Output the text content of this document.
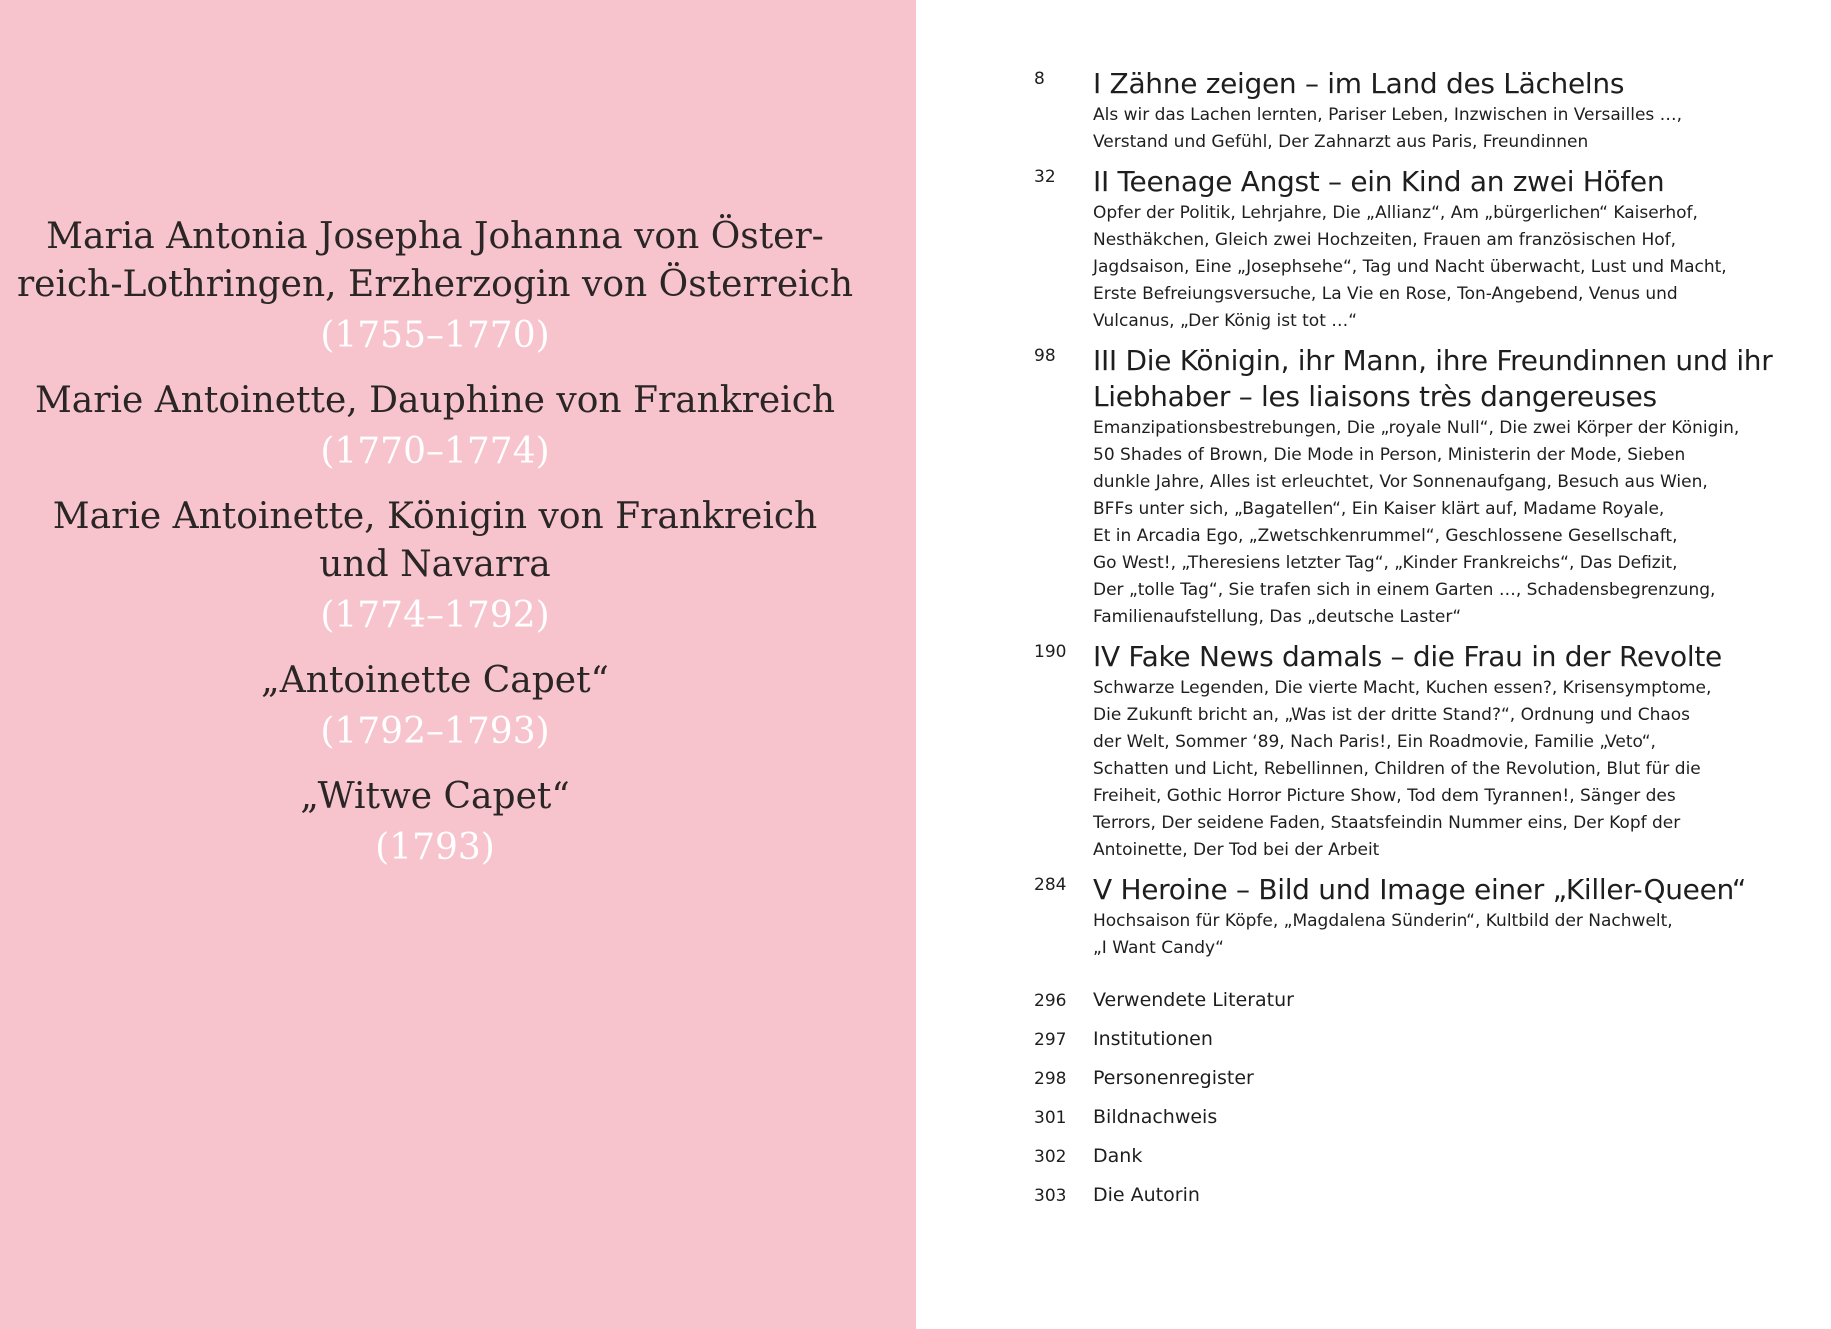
Maria Antonia Josepha Johanna von Öster-
reich-Lothringen, Erzherzogin von Österreich
(1755–1770)
Marie Antoinette, Dauphine von Frankreich
(1770–1774)
Marie Antoinette, Königin von Frankreich
und Navarra
(1774–1792)
„Antoinette Capet“
(1792–1793)
„Witwe Capet“
(1793)
8 I Zähne zeigen – im Land des Lächelns
Als wir das Lachen lernten, Pariser Leben, Inzwischen in Versailles …,
Verstand und Gefühl, Der Zahnarzt aus Paris, Freundinnen
32 II Teenage Angst – ein Kind an zwei Höfen
Opfer der Politik, Lehrjahre, Die „Allianz“, Am „bürgerlichen“ Kaiserhof,
Nesthäkchen, Gleich zwei Hochzeiten, Frauen am französischen Hof,
Jagdsaison, Eine „Josephsehe“, Tag und Nacht überwacht, Lust und Macht,
Erste Befreiungsversuche, La Vie en Rose, Ton-Angebend, Venus und
Vulcanus, „Der König ist tot …“
98 III Die Königin, ihr Mann, ihre Freundinnen und ihr
Liebhaber – les liaisons très dangereuses
Emanzipationsbestrebungen, Die „royale Null“, Die zwei Körper der Königin,
50 Shades of Brown, Die Mode in Person, Ministerin der Mode, Sieben
dunkle Jahre, Alles ist erleuchtet, Vor Sonnenaufgang, Besuch aus Wien,
BFFs unter sich, „Bagatellen“, Ein Kaiser klärt auf, Madame Royale,
Et in Arcadia Ego, „Zwetschkenrummel“, Geschlossene Gesellschaft,
Go West!, „Theresiens letzter Tag“, „Kinder Frankreichs“, Das Defizit,
Der „tolle Tag“, Sie trafen sich in einem Garten …, Schadensbegrenzung,
Familienaufstellung, Das „deutsche Laster“
190 IV Fake News damals – die Frau in der Revolte
Schwarze Legenden, Die vierte Macht, Kuchen essen?, Krisensymptome,
Die Zukunft bricht an, „Was ist der dritte Stand?“, Ordnung und Chaos
der Welt, Sommer ‘89, Nach Paris!, Ein Roadmovie, Familie „Veto“,
Schatten und Licht, Rebellinnen, Children of the Revolution, Blut für die
Freiheit, Gothic Horror Picture Show, Tod dem Tyrannen!, Sänger des
Terrors, Der seidene Faden, Staatsfeindin Nummer eins, Der Kopf der
Antoinette, Der Tod bei der Arbeit
284 V Heroine – Bild und Image einer „Killer-Queen“
Hochsaison für Köpfe, „Magdalena Sünderin“, Kultbild der Nachwelt,
„I Want Candy“
296 Verwendete Literatur
297 Institutionen
298 Personenregister
301 Bildnachweis
302 Dank
303 Die Autorin
